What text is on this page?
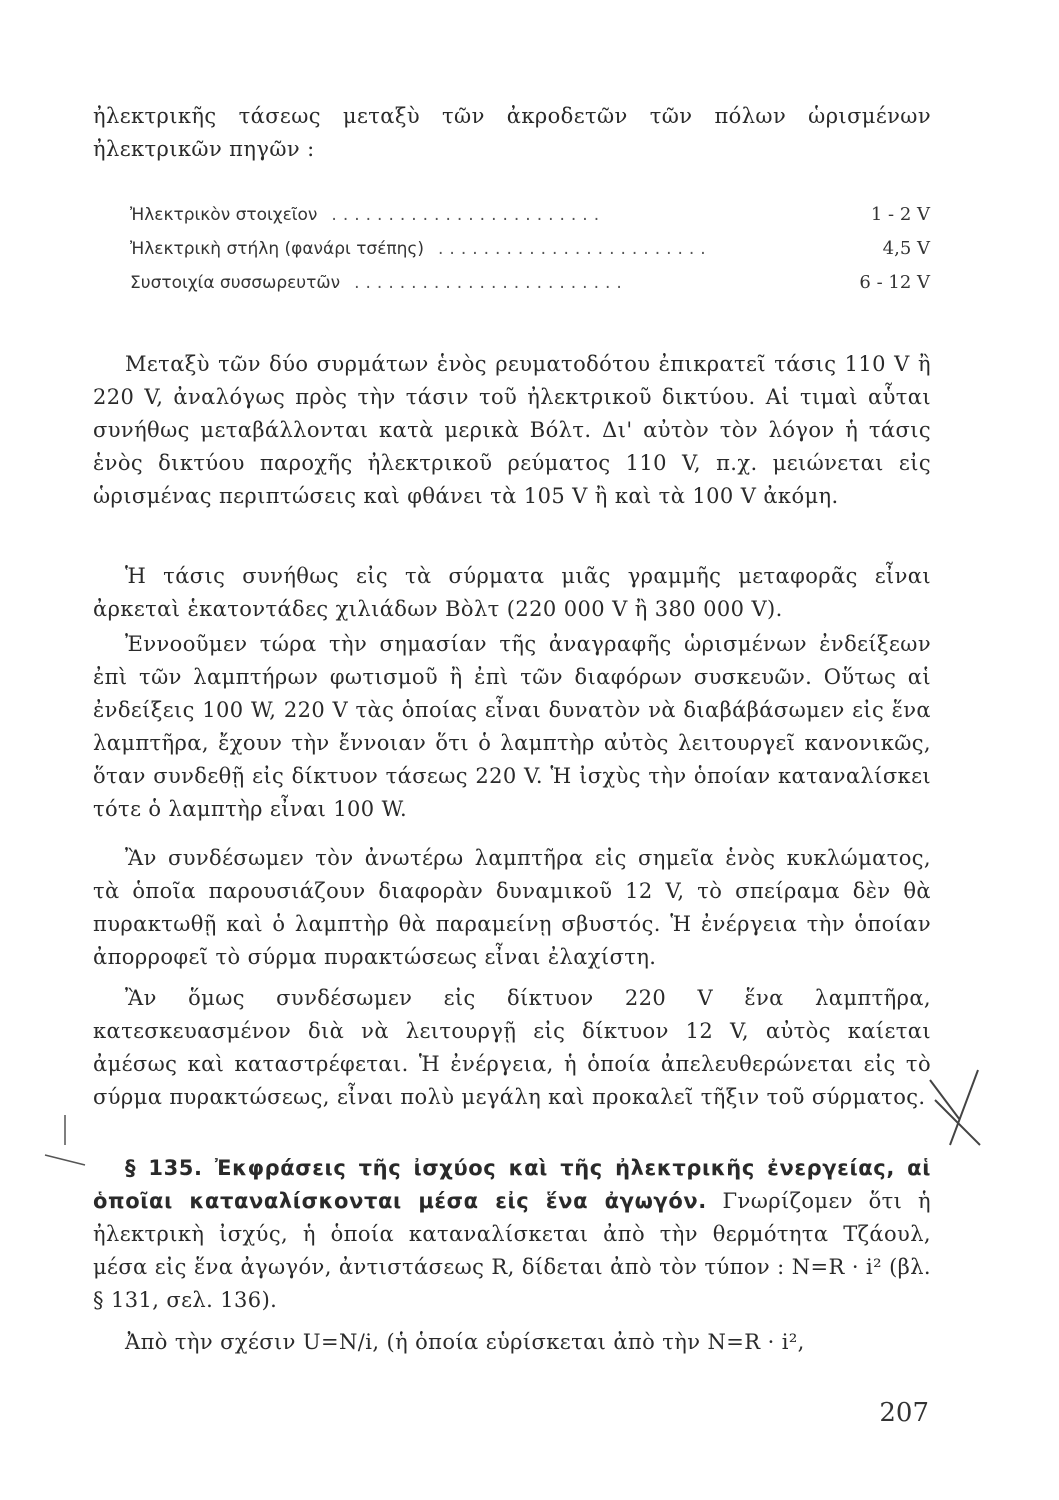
ἠλεκτρικῆς τάσεως μεταξὺ τῶν ἀκροδετῶν τῶν πόλων ὡρισμένων ἠλεκτρικῶν πηγῶν :
Ἠλεκτρικὸν στοιχεῖον ........................	1 - 2 V
Ἠλεκτρικὴ στήλη (φανάρι τσέπης) ........................	4,5 V
Συστοιχία συσσωρευτῶν ........................	6 - 12 V
Μεταξὺ τῶν δύο συρμάτων ἑνὸς ρευματοδότου ἐπικρατεῖ τάσις 110 V ἢ 220 V, ἀναλόγως πρὸς τὴν τάσιν τοῦ ἠλεκτρικοῦ δικτύου. Αἱ τιμαὶ αὗται συνήθως μεταβάλλονται κατὰ μερικὰ Βόλτ. Δι' αὐτὸν τὸν λόγον ἡ τάσις ἑνὸς δικτύου παροχῆς ἠλεκτρικοῦ ρεύματος 110 V, π.χ. μειώνεται εἰς ὡρισμένας περιπτώσεις καὶ φθάνει τὰ 105 V ἢ καὶ τὰ 100 V ἀκόμη.
Ἡ τάσις συνήθως εἰς τὰ σύρματα μιᾶς γραμμῆς μεταφορᾶς εἶναι ἀρκεταὶ ἑκατοντάδες χιλιάδων Βὸλτ (220 000 V ἢ 380 000 V).
Ἐννοοῦμεν τώρα τὴν σημασίαν τῆς ἀναγραφῆς ὡρισμένων ἐνδείξεων ἐπὶ τῶν λαμπτήρων φωτισμοῦ ἢ ἐπὶ τῶν διαφόρων συσκευῶν. Οὕτως αἱ ἐνδείξεις 100 W, 220 V τὰς ὁποίας εἶναι δυνατὸν νὰ διαβάβάσωμεν εἰς ἕνα λαμπτῆρα, ἔχουν τὴν ἔννοιαν ὅτι ὁ λαμπτὴρ αὐτὸς λειτουργεῖ κανονικῶς, ὅταν συνδεθῇ εἰς δίκτυον τάσεως 220 V. Ἡ ἰσχὺς τὴν ὁποίαν καταναλίσκει τότε ὁ λαμπτὴρ εἶναι 100 W.
Ἂν συνδέσωμεν τὸν ἀνωτέρω λαμπτῆρα εἰς σημεῖα ἑνὸς κυκλώματος, τὰ ὁποῖα παρουσιάζουν διαφορὰν δυναμικοῦ 12 V, τὸ σπείραμα δὲν θὰ πυρακτωθῇ καὶ ὁ λαμπτὴρ θὰ παραμείνῃ σβυστός. Ἡ ἐνέργεια τὴν ὁποίαν ἀπορροφεῖ τὸ σύρμα πυρακτώσεως εἶναι ἐλαχίστη.
Ἂν ὅμως συνδέσωμεν εἰς δίκτυον 220 V ἕνα λαμπτῆρα, κατεσκευασμένον διὰ νὰ λειτουργῇ εἰς δίκτυον 12 V, αὐτὸς καίεται ἀμέσως καὶ καταστρέφεται. Ἡ ἐνέργεια, ἡ ὁποία ἀπελευθερώνεται εἰς τὸ σύρμα πυρακτώσεως, εἶναι πολὺ μεγάλη καὶ προκαλεῖ τῆξιν τοῦ σύρματος.
§ 135. Ἐκφράσεις τῆς ἰσχύος καὶ τῆς ἠλεκτρικῆς ἐνεργείας, αἱ ὁποῖαι καταναλίσκονται μέσα εἰς ἕνα ἀγωγόν. Γνωρίζομεν ὅτι ἡ ἠλεκτρικὴ ἰσχύς, ἡ ὁποία καταναλίσκεται ἀπὸ τὴν θερμότητα Τζάουλ, μέσα εἰς ἕνα ἀγωγόν, ἀντιστάσεως R, δίδεται ἀπὸ τὸν τύπον : N=R · i² (βλ. § 131, σελ. 136).
Ἀπὸ τὴν σχέσιν U=N/i, (ἡ ὁποία εὑρίσκεται ἀπὸ τὴν N=R · i²,
207
